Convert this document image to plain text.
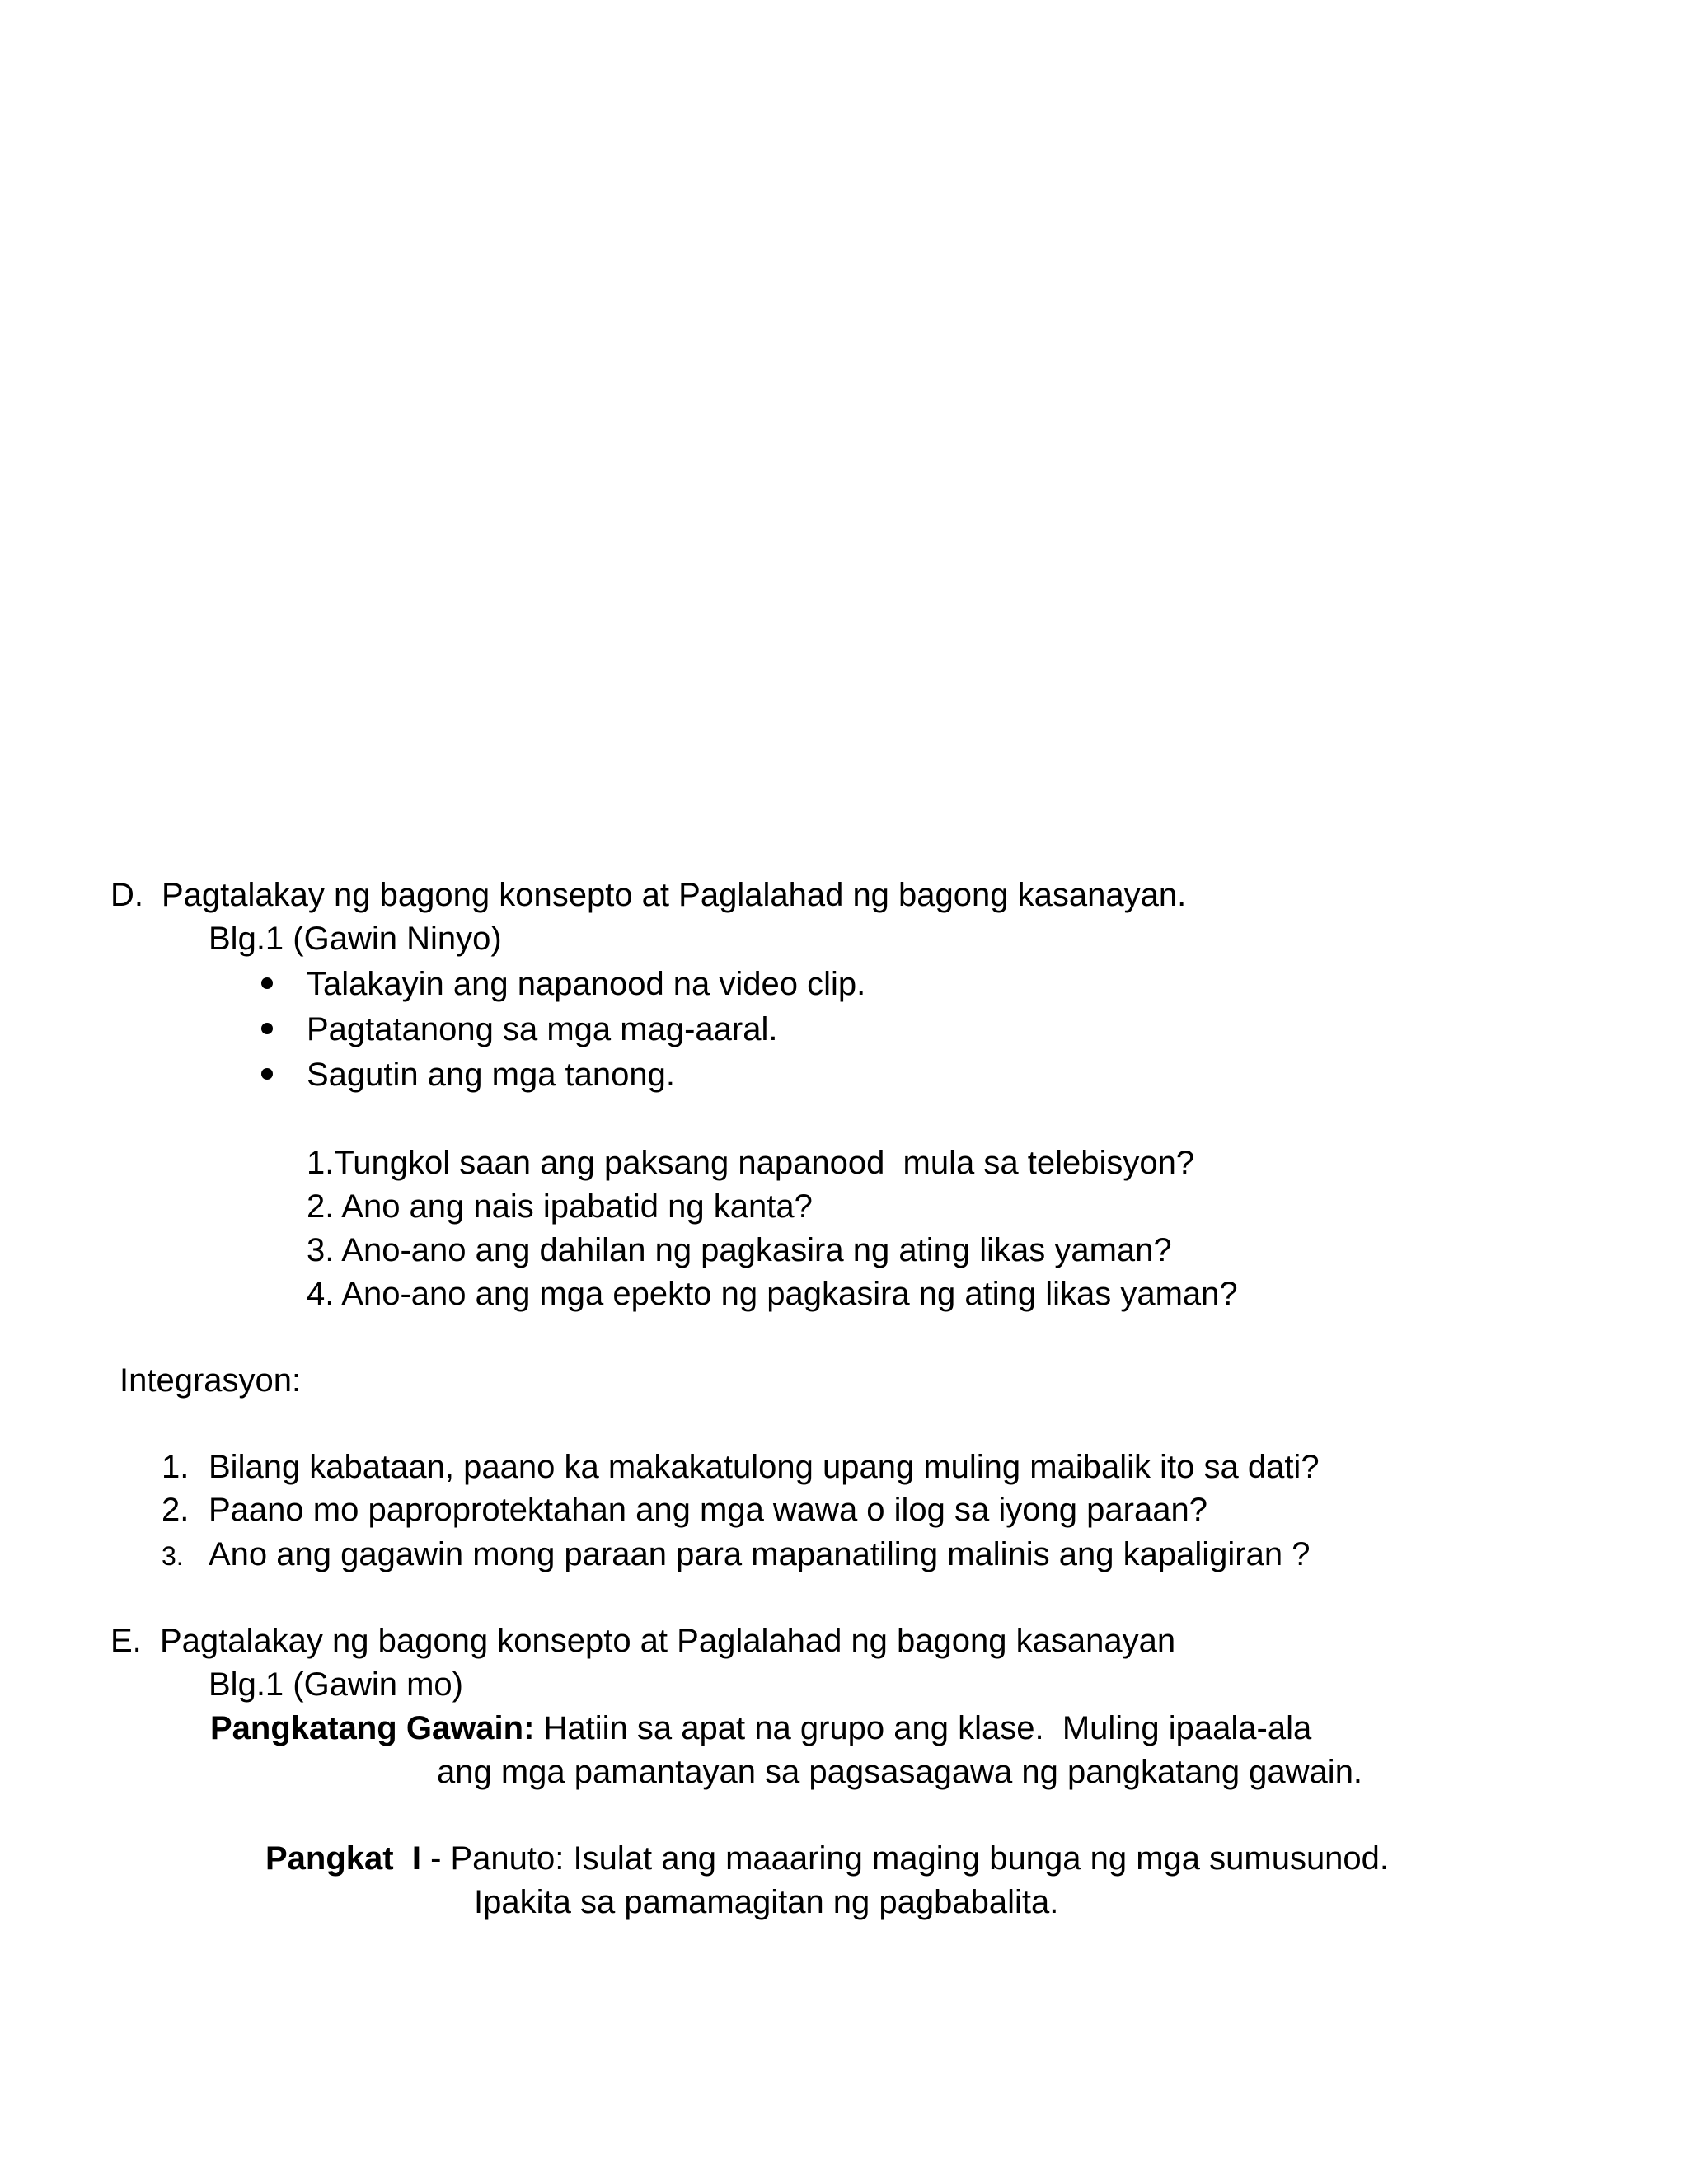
D. Pagtalakay ng bagong konsepto at Paglalahad ng bagong kasanayan.
Blg.1 (Gawin Ninyo)
Talakayin ang napanood na video clip.
Pagtatanong sa mga mag-aaral.
Sagutin ang mga tanong.
1.Tungkol saan ang paksang napanood  mula sa telebisyon?
2. Ano ang nais ipabatid ng kanta?
3. Ano-ano ang dahilan ng pagkasira ng ating likas yaman?
4. Ano-ano ang mga epekto ng pagkasira ng ating likas yaman?
Integrasyon:
1. Bilang kabataan, paano ka makakatulong upang muling maibalik ito sa dati?
2. Paano mo paproprotektahan ang mga wawa o ilog sa iyong paraan?
3. Ano ang gagawin mong paraan para mapanatiling malinis ang kapaligiran ?
E. Pagtalakay ng bagong konsepto at Paglalahad ng bagong kasanayan
Blg.1 (Gawin mo)
Pangkatang Gawain: Hatiin sa apat na grupo ang klase.  Muling ipaala-ala
ang mga pamantayan sa pagsasagawa ng pangkatang gawain.
Pangkat  I - Panuto: Isulat ang maaaring maging bunga ng mga sumusunod.
Ipakita sa pamamagitan ng pagbabalita.
